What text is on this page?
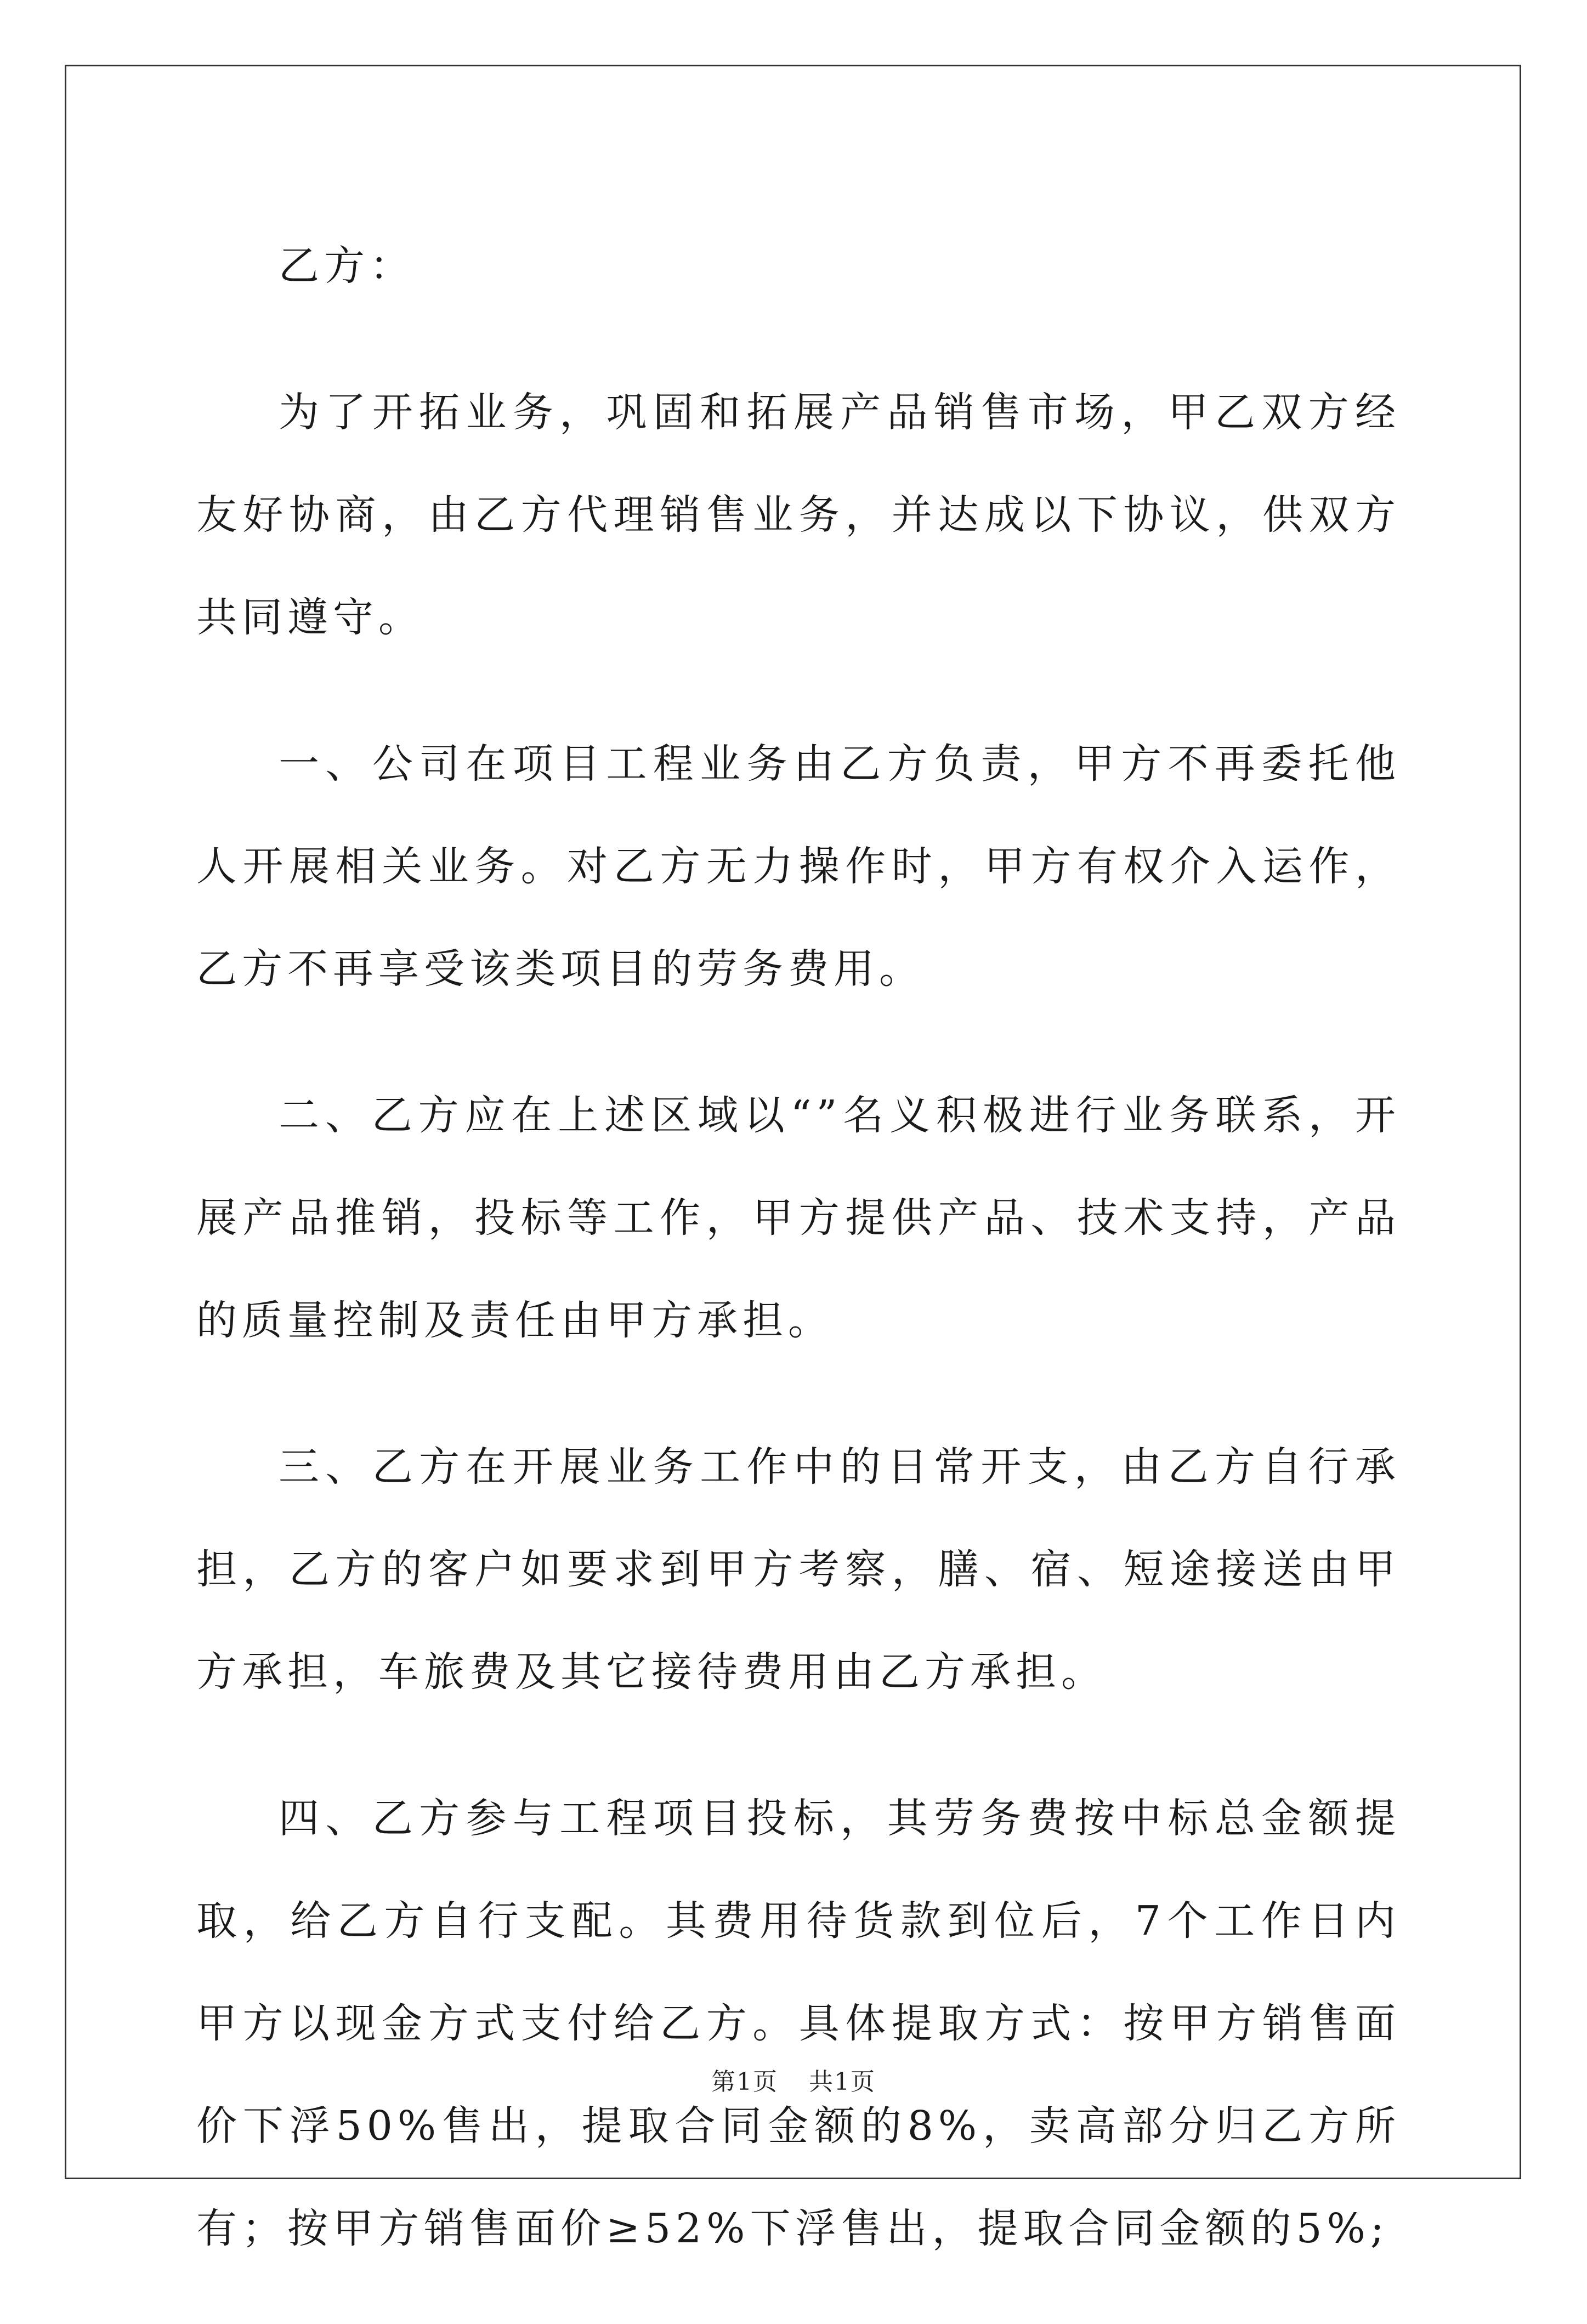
乙方：

为了开拓业务，巩固和拓展产品销售市场，甲乙双方经友好协商，由乙方代理销售业务，并达成以下协议，供双方共同遵守。

一、公司在项目工程业务由乙方负责，甲方不再委托他人开展相关业务。对乙方无力操作时，甲方有权介入运作，乙方不再享受该类项目的劳务费用。

二、乙方应在上述区域以“”名义积极进行业务联系，开展产品推销，投标等工作，甲方提供产品、技术支持，产品的质量控制及责任由甲方承担。

三、乙方在开展业务工作中的日常开支，由乙方自行承担，乙方的客户如要求到甲方考察，膳、宿、短途接送由甲方承担，车旅费及其它接待费用由乙方承担。

四、乙方参与工程项目投标，其劳务费按中标总金额提取，给乙方自行支配。其费用待货款到位后，7个工作日内甲方以现金方式支付给乙方。具体提取方式：按甲方销售面价下浮50%售出，提取合同金额的8%，卖高部分归乙方所有；按甲方销售面价≥52%下浮售出，提取合同金额的5%;

第1页 共1页
